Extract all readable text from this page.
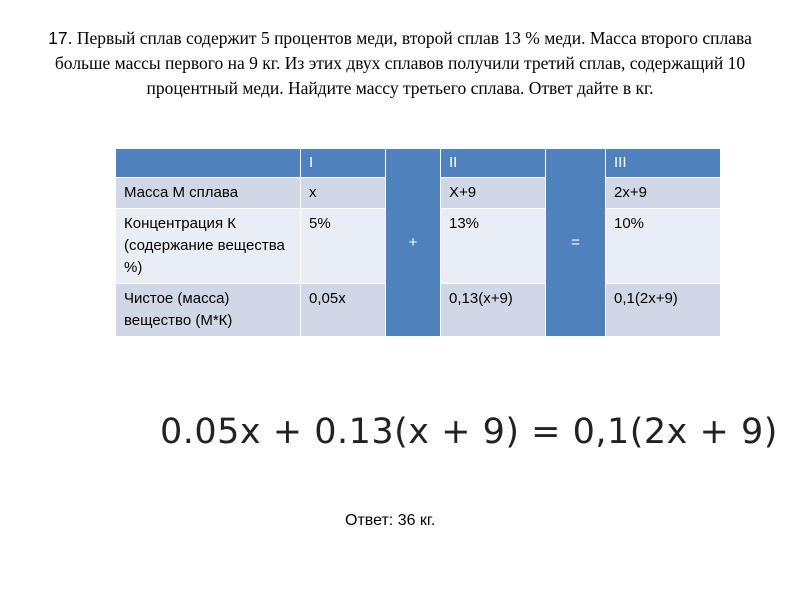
17. Первый сплав содержит 5 процентов меди, второй сплав 13 % меди. Масса второго сплава больше массы первого на 9 кг. Из этих двух сплавов получили третий сплав, содержащий 10 процентный меди. Найдите массу третьего сплава. Ответ дайте в кг.
	I	+	II	=	III
Масса М сплава	x		X+9		2x+9
Концентрация К (содержание вещества %)	5%		13%		10%
Чистое (масса) вещество (М*К)	0,05x		0,13(x+9)		0,1(2x+9)
0.05x + 0.13(x + 9) = 0,1(2x + 9)
Ответ: 36 кг.
